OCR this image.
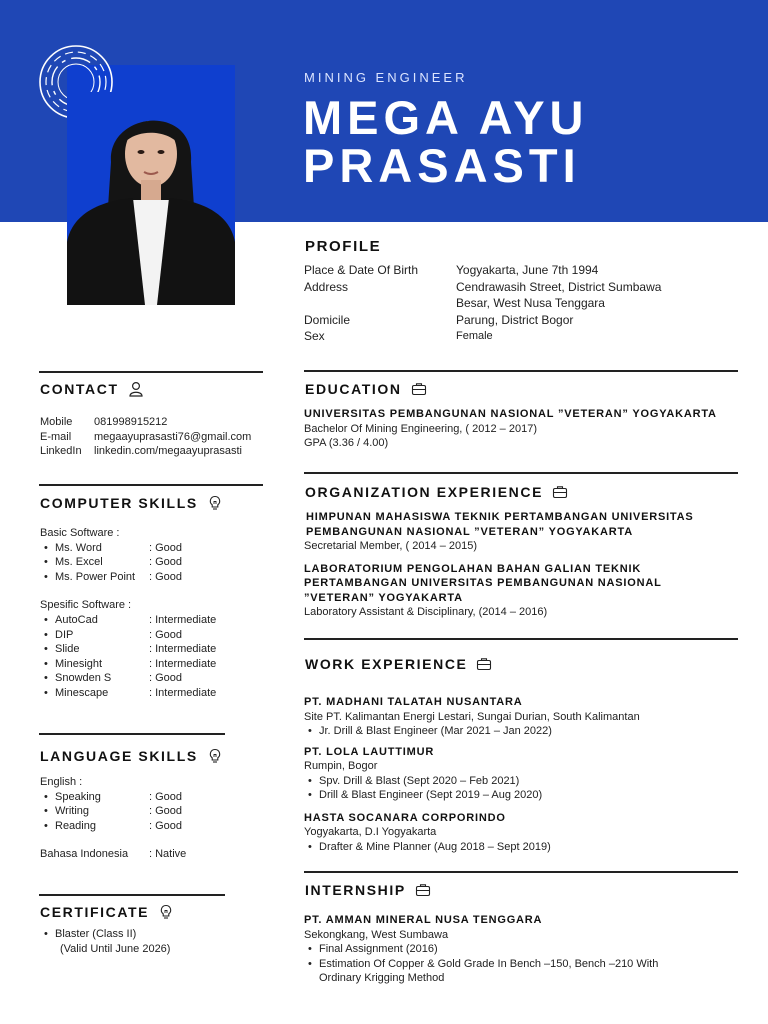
MINING ENGINEER
MEGA AYU
PRASASTI
PROFILE
Place & Date Of Birth	Yogyakarta, June 7th 1994
Address	Cendrawasih Street, District Sumbawa
Besar, West Nusa Tenggara
Domicile	Parung, District Bogor
Sex	Female
CONTACT
Mobile	081998915212
E-mail	megaayuprasasti76@gmail.com
LinkedIn	linkedin.com/megaayuprasasti
COMPUTER SKILLS
Basic Software :
• Ms. Word	: Good
• Ms. Excel	: Good
• Ms. Power Point	: Good
Spesific Software :
• AutoCad	: Intermediate
• DIP	: Good
• Slide	: Intermediate
• Minesight	: Intermediate
• Snowden S	: Good
• Minescape	: Intermediate
LANGUAGE SKILLS
English :
• Speaking	: Good
• Writing	: Good
• Reading	: Good
Bahasa Indonesia	: Native
CERTIFICATE
• Blaster (Class II)
(Valid Until June 2026)
EDUCATION
UNIVERSITAS PEMBANGUNAN NASIONAL ”VETERAN” YOGYAKARTA
Bachelor Of Mining Engineering, ( 2012 – 2017)
GPA (3.36 / 4.00)
ORGANIZATION EXPERIENCE
HIMPUNAN MAHASISWA TEKNIK PERTAMBANGAN UNIVERSITAS
PEMBANGUNAN NASIONAL ”VETERAN” YOGYAKARTA
Secretarial Member, ( 2014 – 2015)
LABORATORIUM PENGOLAHAN BAHAN GALIAN TEKNIK
PERTAMBANGAN UNIVERSITAS PEMBANGUNAN NASIONAL
”VETERAN” YOGYAKARTA
Laboratory Assistant & Disciplinary, (2014 – 2016)
WORK EXPERIENCE
PT. MADHANI TALATAH NUSANTARA
Site PT. Kalimantan Energi Lestari, Sungai Durian, South Kalimantan
• Jr. Drill & Blast Engineer (Mar 2021 – Jan 2022)
PT. LOLA LAUTTIMUR
Rumpin, Bogor
• Spv. Drill & Blast (Sept 2020 – Feb 2021)
• Drill & Blast Engineer (Sept 2019 – Aug 2020)
HASTA SOCANARA CORPORINDO
Yogyakarta, D.I Yogyakarta
• Drafter & Mine Planner (Aug 2018 – Sept 2019)
INTERNSHIP
PT. AMMAN MINERAL NUSA TENGGARA
Sekongkang, West Sumbawa
• Final Assignment (2016)
• Estimation Of Copper & Gold Grade In Bench –150, Bench –210 With
Ordinary Krigging Method
